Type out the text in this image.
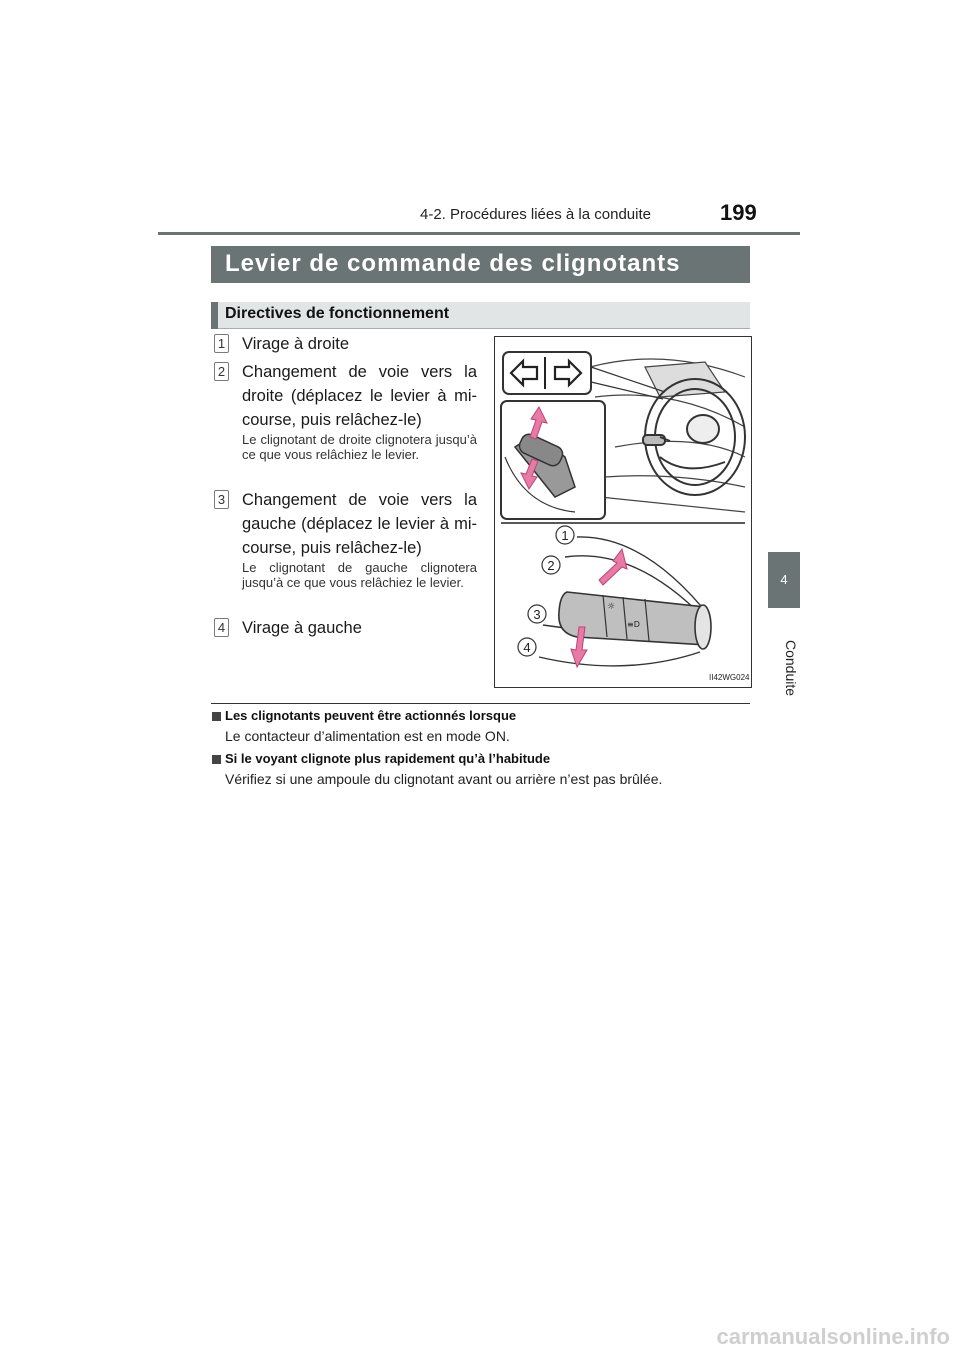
4-2. Procédures liées à la conduite	199
4
Conduite
Levier de commande des clignotants
Directives de fonctionnement
1 Virage à droite
2 Changement de voie vers la droite (déplacez le levier à mi-course, puis relâchez-le)
Le clignotant de droite clignotera jusqu’à ce que vous relâchiez le levier.
3 Changement de voie vers la gauche (déplacez le levier à mi-course, puis relâchez-le)
Le clignotant de gauche clignotera jusqu’à ce que vous relâchiez le levier.
4 Virage à gauche
☼
≡D
1
2
3
4
II42WG024
Les clignotants peuvent être actionnés lorsque
Le contacteur d’alimentation est en mode ON.
Si le voyant clignote plus rapidement qu’à l’habitude
Vérifiez si une ampoule du clignotant avant ou arrière n’est pas brûlée.
carmanualsonline.info
